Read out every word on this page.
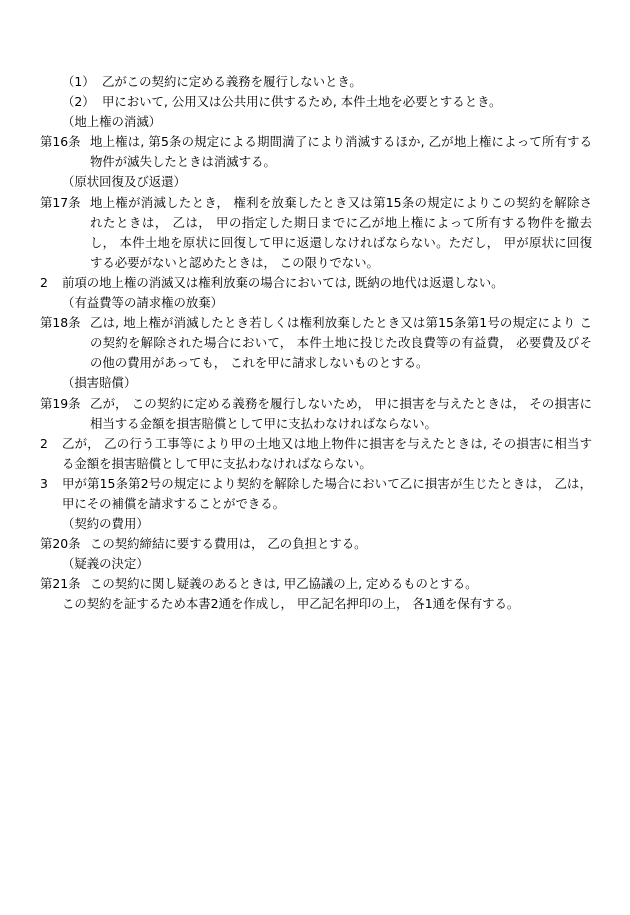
（1） 乙がこの契約に定める義務を履行しないとき。
（2） 甲において, 公用又は公共用に供するため, 本件土地を必要とするとき。
（地上権の消滅）
第16条 地上権は, 第5条の規定による期間満了により消滅するほか, 乙が地上権によって所有する物件が滅失したときは消滅する。
（原状回復及び返還）
第17条 地上権が消滅したとき， 権利を放棄したとき又は第15条の規定によりこの契約を解除されたときは， 乙は， 甲の指定した期日までに乙が地上権によって所有する物件を撤去し， 本件土地を原状に回復して甲に返還しなければならない。ただし， 甲が原状に回復する必要がないと認めたときは， この限りでない。
2	前項の地上権の消滅又は権利放棄の場合においては, 既納の地代は返還しない。
（有益費等の請求権の放棄）
第18条 乙は, 地上権が消滅したとき若しくは権利放棄したとき又は第15条第1号の規定により この契約を解除された場合において， 本件土地に投じた改良費等の有益費， 必要費及びその他の費用があっても， これを甲に請求しないものとする。
（損害賠償）
第19条 乙が， この契約に定める義務を履行しないため， 甲に損害を与えたときは， その損害に相当する金額を損害賠償として甲に支払わなければならない。
2	乙が， 乙の行う工事等により甲の土地又は地上物件に損害を与えたときは, その損害に相当する金額を損害賠償として甲に支払わなければならない。
3	甲が第15条第2号の規定により契約を解除した場合において乙に損害が生じたときは， 乙は， 甲にその補償を請求することができる。
（契約の費用）
第20条 この契約締結に要する費用は， 乙の負担とする。
（疑義の決定）
第21条 この契約に関し疑義のあるときは, 甲乙協議の上, 定めるものとする。
この契約を証するため本書2通を作成し， 甲乙記名押印の上， 各1通を保有する。
